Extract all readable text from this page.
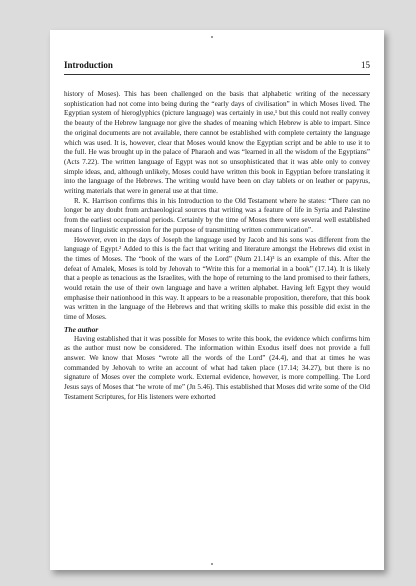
Introduction	15

history of Moses). This has been challenged on the basis that alphabetic writing of the necessary sophistication had not come into being during the “early days of civilisation” in which Moses lived. The Egyptian system of hieroglyphics (picture language) was certainly in use,¹ but this could not really convey the beauty of the Hebrew language nor give the shades of meaning which Hebrew is able to impart. Since the original documents are not available, there cannot be established with complete certainty the language which was used. It is, however, clear that Moses would know the Egyptian script and be able to use it to the full. He was brought up in the palace of Pharaoh and was “learned in all the wisdom of the Egyptians” (Acts 7.22). The written language of Egypt was not so unsophisticated that it was able only to convey simple ideas, and, although unlikely, Moses could have written this book in Egyptian before translating it into the language of the Hebrews. The writing would have been on clay tablets or on leather or papyrus, writing materials that were in general use at that time.

R. K. Harrison confirms this in his Introduction to the Old Testament where he states: “There can no longer be any doubt from archaeological sources that writing was a feature of life in Syria and Palestine from the earliest occupational periods. Certainly by the time of Moses there were several well established means of linguistic expression for the purpose of transmitting written communication”.

However, even in the days of Joseph the language used by Jacob and his sons was different from the language of Egypt.² Added to this is the fact that writing and literature amongst the Hebrews did exist in the times of Moses. The “book of the wars of the Lord” (Num 21.14)³ is an example of this. After the defeat of Amalek, Moses is told by Jehovah to “Write this for a memorial in a book” (17.14). It is likely that a people as tenacious as the Israelites, with the hope of returning to the land promised to their fathers, would retain the use of their own language and have a written alphabet. Having left Egypt they would emphasise their nationhood in this way. It appears to be a reasonable proposition, therefore, that this book was written in the language of the Hebrews and that writing skills to make this possible did exist in the time of Moses.

The author

Having established that it was possible for Moses to write this book, the evidence which confirms him as the author must now be considered. The information within Exodus itself does not provide a full answer. We know that Moses “wrote all the words of the Lord” (24.4), and that at times he was commanded by Jehovah to write an account of what had taken place (17.14; 34.27), but there is no signature of Moses over the complete work. External evidence, however, is more compelling. The Lord Jesus says of Moses that “he wrote of me” (Jn 5.46). This established that Moses did write some of the Old Testament Scriptures, for His listeners were exhorted
